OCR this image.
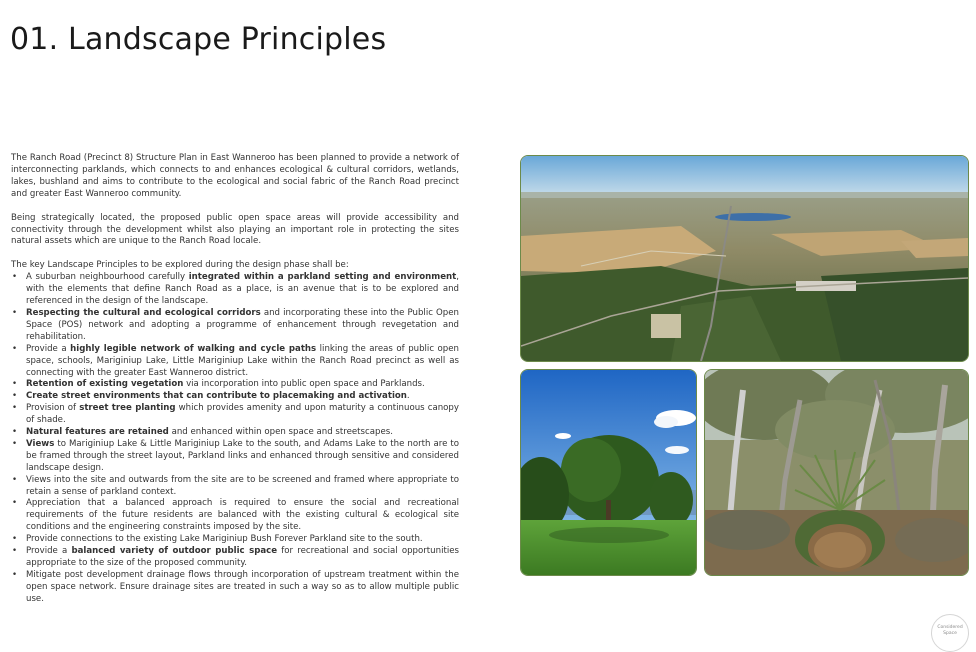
01. Landscape Principles

The Ranch Road (Precinct 8) Structure Plan in East Wanneroo has been planned to provide a network of interconnecting parklands, which connects to and enhances ecological & cultural corridors, wetlands, lakes, bushland and aims to contribute to the ecological and social fabric of the Ranch Road precinct and greater East Wanneroo community.

Being strategically located, the proposed public open space areas will provide accessibility and connectivity through the development whilst also playing an important role in protecting the sites natural assets which are unique to the Ranch Road locale.

The key Landscape Principles to be explored during the design phase shall be:

• A suburban neighbourhood carefully integrated within a parkland setting and environment, with the elements that define Ranch Road as a place, is an avenue that is to be explored and referenced in the design of the landscape.
• Respecting the cultural and ecological corridors and incorporating these into the Public Open Space (POS) network and adopting a programme of enhancement through revegetation and rehabilitation.
• Provide a highly legible network of walking and cycle paths linking the areas of public open space, schools, Mariginiup Lake, Little Mariginiup Lake within the Ranch Road precinct as well as connecting with the greater East Wanneroo district.
• Retention of existing vegetation via incorporation into public open space and Parklands.
• Create street environments that can contribute to placemaking and activation.
• Provision of street tree planting which provides amenity and upon maturity a continuous canopy of shade.
• Natural features are retained and enhanced within open space and streetscapes.
• Views to Mariginiup Lake & Little Mariginiup Lake to the south, and Adams Lake to the north are to be framed through the street layout, Parkland links and enhanced through sensitive and considered landscape design.
• Views into the site and outwards from the site are to be screened and framed where appropriate to retain a sense of parkland context.
• Appreciation that a balanced approach is required to ensure the social and recreational requirements of the future residents are balanced with the existing cultural & ecological site conditions and the engineering constraints imposed by the site.
• Provide connections to the existing Lake Mariginiup Bush Forever Parkland site to the south.
• Provide a balanced variety of outdoor public space for recreational and social opportunities appropriate to the size of the proposed community.
• Mitigate post development drainage flows through incorporation of upstream treatment within the open space network. Ensure drainage sites are treated in such a way so as to allow multiple public use.
Considered
Space
